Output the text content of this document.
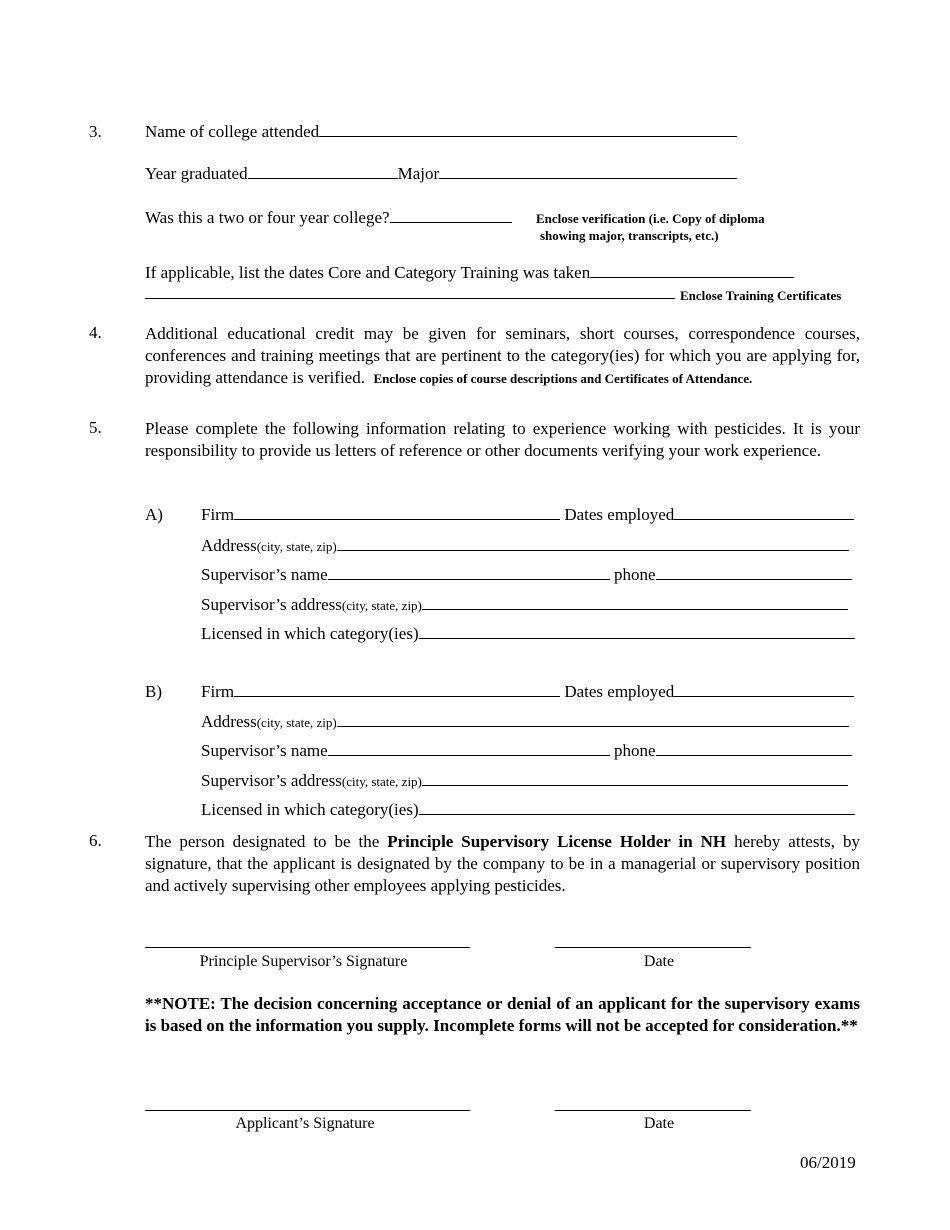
3.	Name of college attended
Year graduated	Major
Was this a two or four year college?	Enclose verification (i.e. Copy of diploma
showing major, transcripts, etc.)
If applicable, list the dates Core and Category Training was taken
Enclose Training Certificates
4.	Additional educational credit may be given for seminars, short courses, correspondence courses, conferences and training meetings that are pertinent to the category(ies) for which you are applying for, providing attendance is verified. Enclose copies of course descriptions and Certificates of Attendance.
5.	Please complete the following information relating to experience working with pesticides. It is your responsibility to provide us letters of reference or other documents verifying your work experience.
A) Firm	Dates employed
Address(city, state, zip)
Supervisor’s name	phone
Supervisor’s address(city, state, zip)
Licensed in which category(ies)
B) Firm	Dates employed
Address(city, state, zip)
Supervisor’s name	phone
Supervisor’s address(city, state, zip)
Licensed in which category(ies)
6.	The person designated to be the Principle Supervisory License Holder in NH hereby attests, by signature, that the applicant is designated by the company to be in a managerial or supervisory position and actively supervising other employees applying pesticides.
Principle Supervisor’s Signature	Date
**NOTE: The decision concerning acceptance or denial of an applicant for the supervisory exams is based on the information you supply. Incomplete forms will not be accepted for consideration.**
Applicant’s Signature	Date
06/2019
